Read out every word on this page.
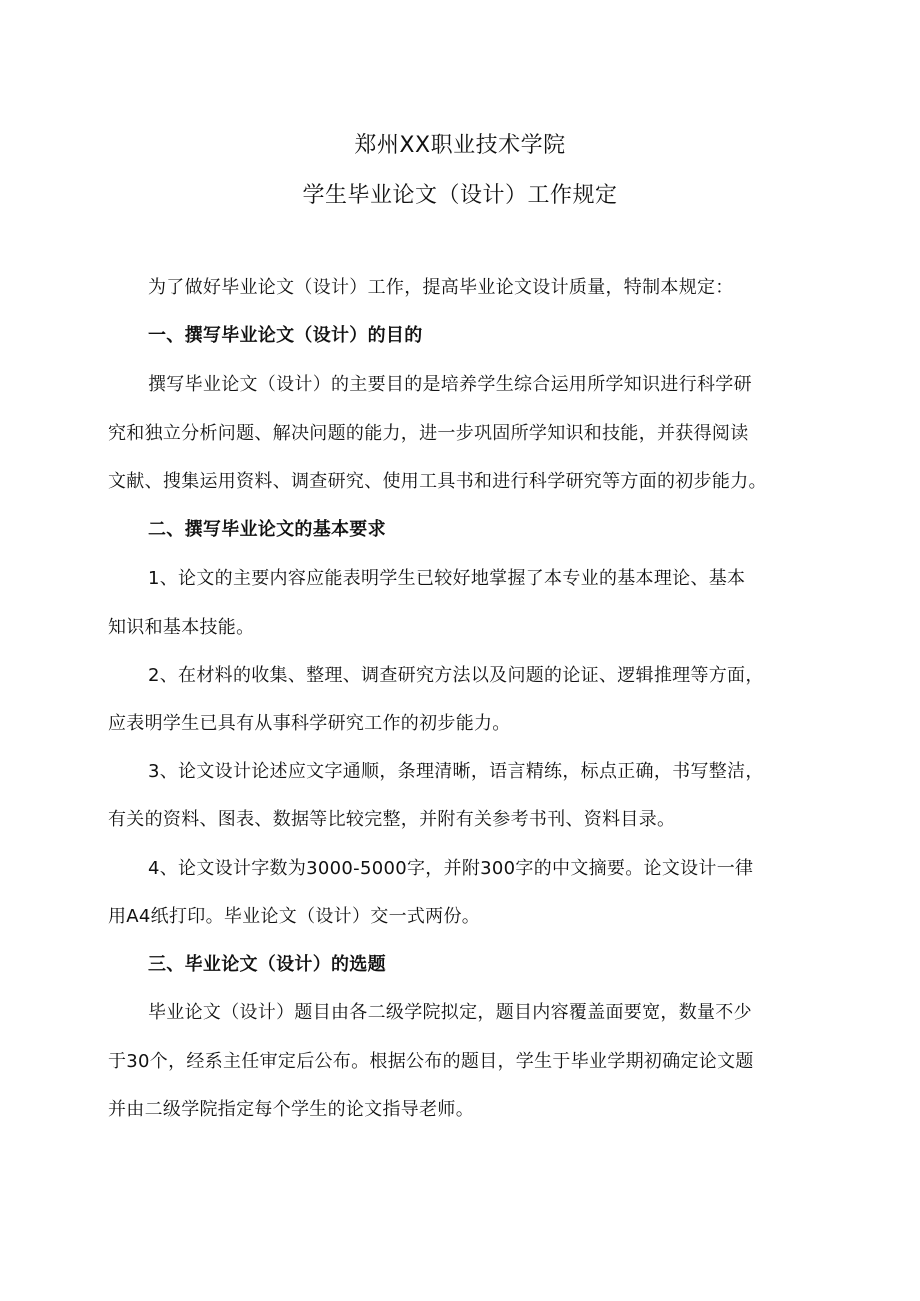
郑州XX职业技术学院
学生毕业论文（设计）工作规定
为了做好毕业论文（设计）工作，提高毕业论文设计质量，特制本规定：
一、撰写毕业论文（设计）的目的
撰写毕业论文（设计）的主要目的是培养学生综合运用所学知识进行科学研
究和独立分析问题、解决问题的能力，进一步巩固所学知识和技能，并获得阅读
文献、搜集运用资料、调查研究、使用工具书和进行科学研究等方面的初步能力。
二、撰写毕业论文的基本要求
1、论文的主要内容应能表明学生已较好地掌握了本专业的基本理论、基本
知识和基本技能。
2、在材料的收集、整理、调查研究方法以及问题的论证、逻辑推理等方面，
应表明学生已具有从事科学研究工作的初步能力。
3、论文设计论述应文字通顺，条理清晰，语言精练，标点正确，书写整洁，
有关的资料、图表、数据等比较完整，并附有关参考书刊、资料目录。
4、论文设计字数为3000-5000字，并附300字的中文摘要。论文设计一律
用A4纸打印。毕业论文（设计）交一式两份。
三、毕业论文（设计）的选题
毕业论文（设计）题目由各二级学院拟定，题目内容覆盖面要宽，数量不少
于30个，经系主任审定后公布。根据公布的题目，学生于毕业学期初确定论文题
并由二级学院指定每个学生的论文指导老师。
